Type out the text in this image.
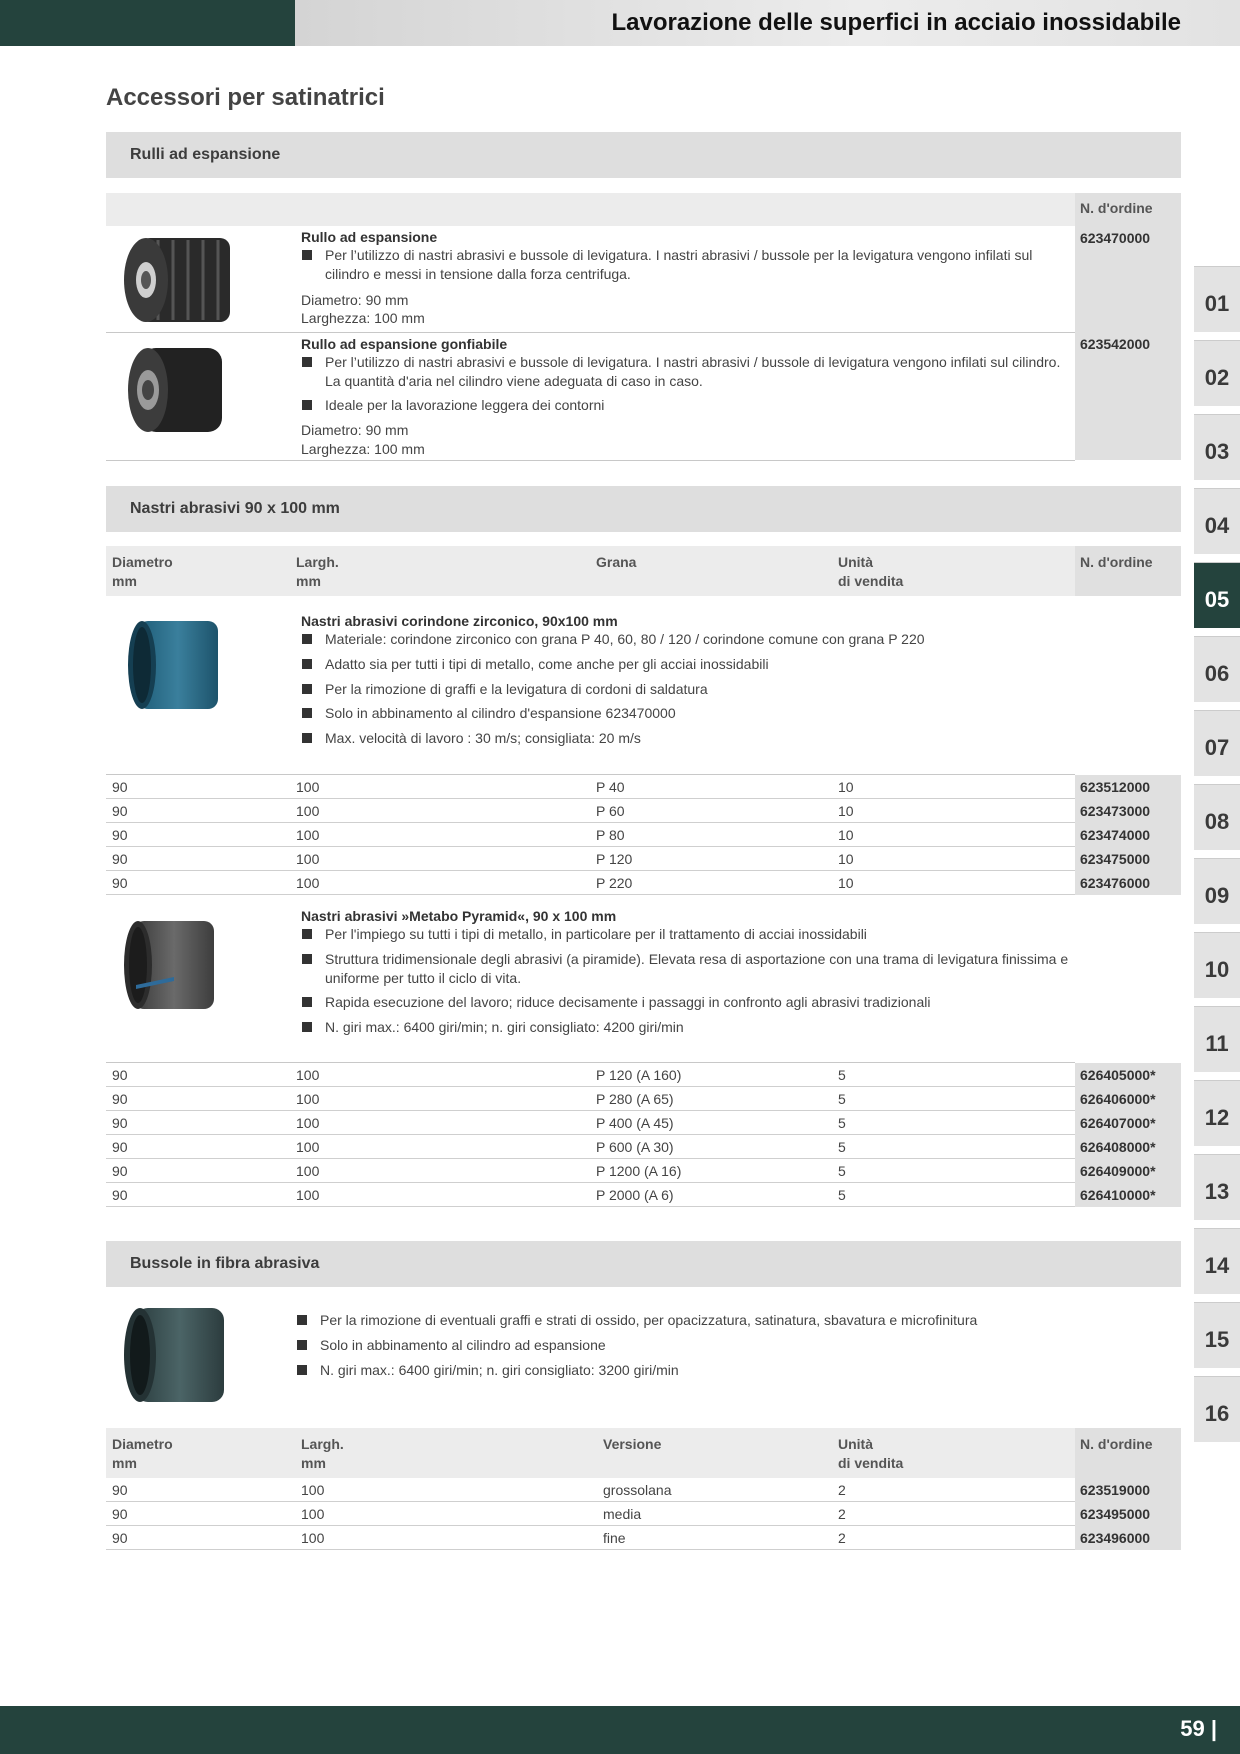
Lavorazione delle superfici in acciaio inossidabile
Accessori per satinatrici
Rulli ad espansione
N. d'ordine
Rullo ad espansione
Per l’utilizzo di nastri abrasivi e bussole di levigatura. I nastri abrasivi / bussole per la levigatura vengono infilati sul cilindro e messi in tensione dalla forza centrifuga.
Diametro: 90 mm
Larghezza: 100 mm
623470000
Rullo ad espansione gonfiabile
Per l’utilizzo di nastri abrasivi e bussole di levigatura. I nastri abrasivi / bussole di levigatura vengono infilati sul cilindro. La quantità d'aria nel cilindro viene adeguata di caso in caso.
Ideale per la lavorazione leggera dei contorni
Diametro: 90 mm
Larghezza: 100 mm
623542000
Nastri abrasivi 90 x 100 mm
Diametro
mm
Largh.
mm
Grana	Unità
di vendita
N. d'ordine
Nastri abrasivi corindone zirconico, 90x100 mm
Materiale: corindone zirconico con grana P 40, 60, 80 / 120 / corindone comune con grana P 220
Adatto sia per tutti i tipi di metallo, come anche per gli acciai inossidabili
Per la rimozione di graffi e la levigatura di cordoni di saldatura
Solo in abbinamento al cilindro d'espansione 623470000
Max. velocità di lavoro : 30 m/s; consigliata: 20 m/s
90	100	P 40	10	623512000
90	100	P 60	10	623473000
90	100	P 80	10	623474000
90	100	P 120	10	623475000
90	100	P 220	10	623476000
Nastri abrasivi »Metabo Pyramid«, 90 x 100 mm
Per l'impiego su tutti i tipi di metallo, in particolare per il trattamento di acciai inossidabili
Struttura tridimensionale degli abrasivi (a piramide). Elevata resa di asportazione con una trama di levigatura finissima e uniforme per tutto il ciclo di vita.
Rapida esecuzione del lavoro; riduce decisamente i passaggi in confronto agli abrasivi tradizionali
N. giri max.: 6400 giri/min; n. giri consigliato: 4200 giri/min
90	100	P 120 (A 160)	5	626405000*
90	100	P 280 (A 65)	5	626406000*
90	100	P 400 (A 45)	5	626407000*
90	100	P 600 (A 30)	5	626408000*
90	100	P 1200 (A 16)	5	626409000*
90	100	P 2000 (A 6)	5	626410000*
Bussole in fibra abrasiva
Per la rimozione di eventuali graffi e strati di ossido, per opacizzatura, satinatura, sbavatura e microfinitura
Solo in abbinamento al cilindro ad espansione
N. giri max.: 6400 giri/min; n. giri consigliato: 3200 giri/min
Diametro
mm
Largh.
mm
Versione	Unità
di vendita
N. d'ordine
90	100	grossolana	2	623519000
90	100	media	2	623495000
90	100	fine	2	623496000
01
02
03
04
05
06
07
08
09
10
11
12
13
14
15
16
59 |
